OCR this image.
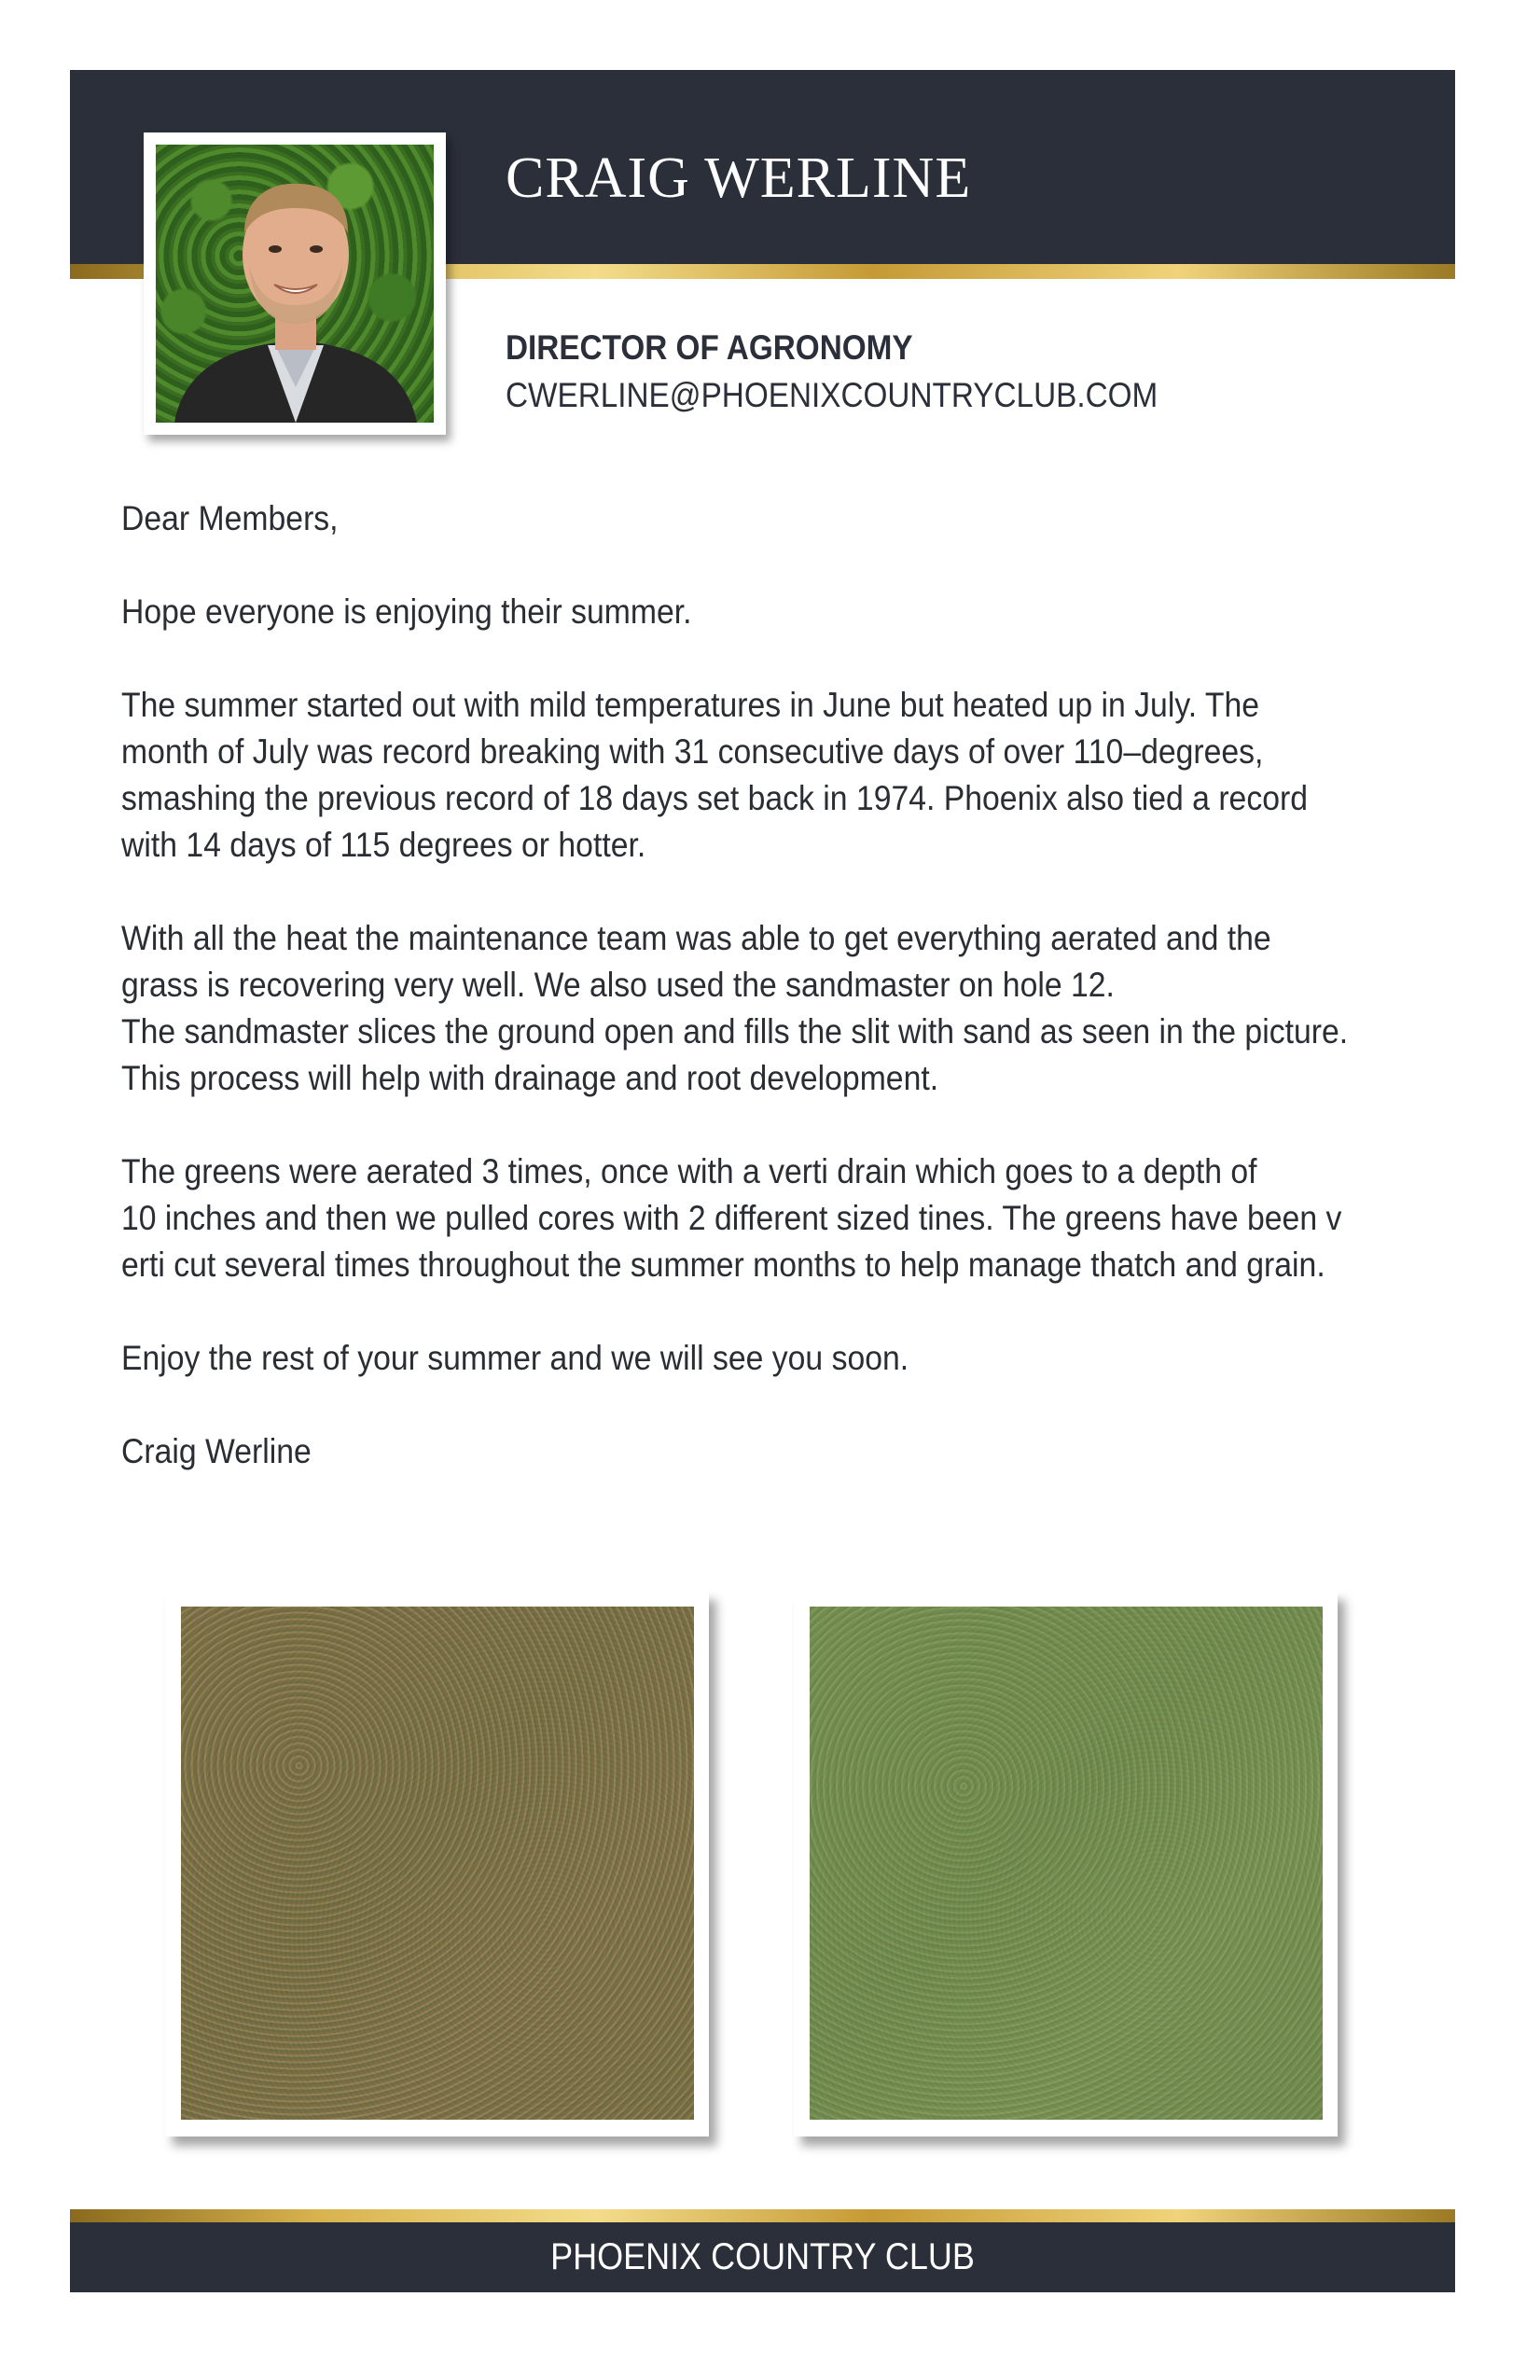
CRAIG WERLINE

DIRECTOR OF AGRONOMY

CWERLINE@PHOENIXCOUNTRYCLUB.COM

Dear Members,

Hope everyone is enjoying their summer.

The summer started out with mild temperatures in June but heated up in July. The
month of July was record breaking with 31 consecutive days of over 110–degrees,
smashing the previous record of 18 days set back in 1974. Phoenix also tied a record
with 14 days of 115 degrees or hotter.

With all the heat the maintenance team was able to get everything aerated and the
grass is recovering very well. We also used the sandmaster on hole 12.
The sandmaster slices the ground open and fills the slit with sand as seen in the picture.
This process will help with drainage and root development.

The greens were aerated 3 times, once with a verti drain which goes to a depth of
10 inches and then we pulled cores with 2 different sized tines. The greens have been v
erti cut several times throughout the summer months to help manage thatch and grain.

Enjoy the rest of your summer and we will see you soon.

Craig Werline

PHOENIX COUNTRY CLUB
